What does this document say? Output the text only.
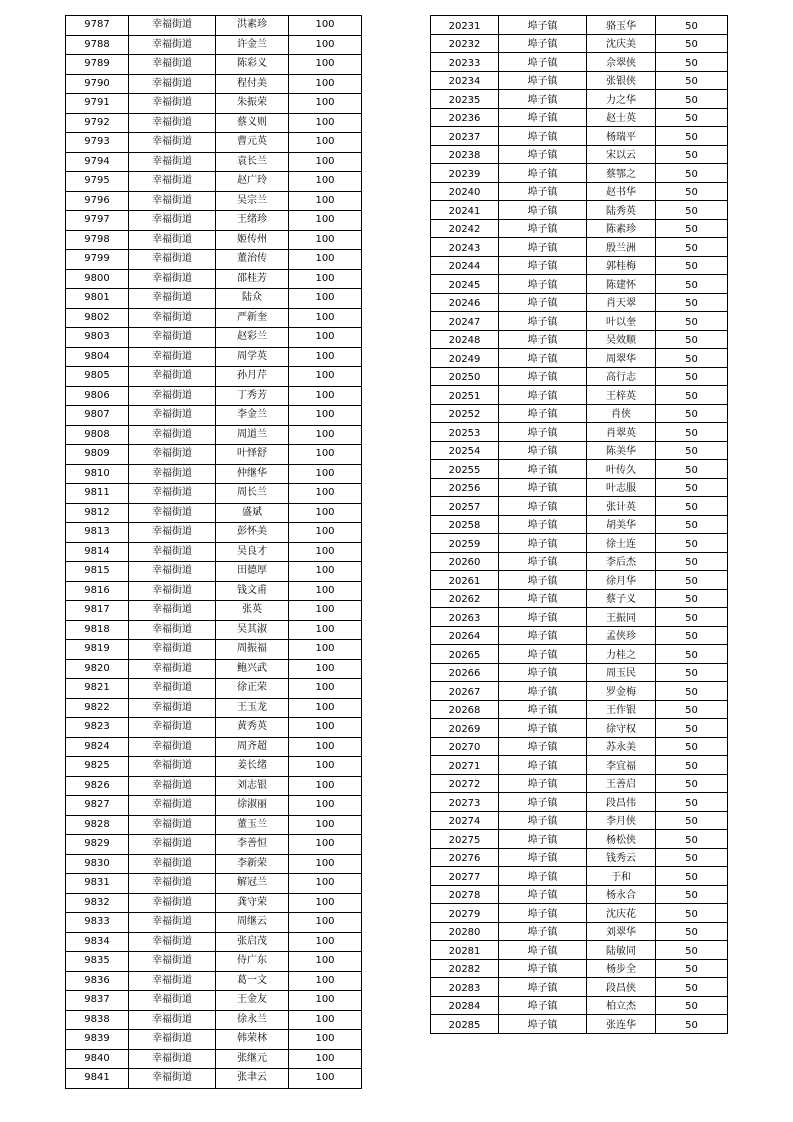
9787	幸福街道	洪素珍	100
9788	幸福街道	许金兰	100
9789	幸福街道	陈彩义	100
9790	幸福街道	程付美	100
9791	幸福街道	朱振荣	100
9792	幸福街道	蔡义则	100
9793	幸福街道	曹元英	100
9794	幸福街道	袁长兰	100
9795	幸福街道	赵广玲	100
9796	幸福街道	吴宗兰	100
9797	幸福街道	王绪珍	100
9798	幸福街道	姬传州	100
9799	幸福街道	董治传	100
9800	幸福街道	邵桂芳	100
9801	幸福街道	陆众	100
9802	幸福街道	严新奎	100
9803	幸福街道	赵彩兰	100
9804	幸福街道	周学英	100
9805	幸福街道	孙月芹	100
9806	幸福街道	丁秀芳	100
9807	幸福街道	李金兰	100
9808	幸福街道	周道兰	100
9809	幸福街道	叶怿舒	100
9810	幸福街道	仲继华	100
9811	幸福街道	周长兰	100
9812	幸福街道	盛斌	100
9813	幸福街道	彭怀美	100
9814	幸福街道	吴良才	100
9815	幸福街道	田德厚	100
9816	幸福街道	钱文甫	100
9817	幸福街道	张英	100
9818	幸福街道	吴其淑	100
9819	幸福街道	周振福	100
9820	幸福街道	鲍兴武	100
9821	幸福街道	徐正荣	100
9822	幸福街道	王玉龙	100
9823	幸福街道	黄秀英	100
9824	幸福街道	周齐超	100
9825	幸福街道	姜长绪	100
9826	幸福街道	刘志银	100
9827	幸福街道	徐淑丽	100
9828	幸福街道	董玉兰	100
9829	幸福街道	李善恒	100
9830	幸福街道	李新荣	100
9831	幸福街道	解冠兰	100
9832	幸福街道	龚守荣	100
9833	幸福街道	周继云	100
9834	幸福街道	张启茂	100
9835	幸福街道	侍广东	100
9836	幸福街道	葛一文	100
9837	幸福街道	王金友	100
9838	幸福街道	徐永兰	100
9839	幸福街道	韩荣林	100
9840	幸福街道	张继元	100
9841	幸福街道	张聿云	100
20231	埠子镇	骆玉华	50
20232	埠子镇	沈庆美	50
20233	埠子镇	佘翠侠	50
20234	埠子镇	张银侠	50
20235	埠子镇	力之华	50
20236	埠子镇	赵士英	50
20237	埠子镇	杨瑞平	50
20238	埠子镇	宋以云	50
20239	埠子镇	蔡鄂之	50
20240	埠子镇	赵书华	50
20241	埠子镇	陆秀英	50
20242	埠子镇	陈素珍	50
20243	埠子镇	殷兰洲	50
20244	埠子镇	郭桂梅	50
20245	埠子镇	陈建怀	50
20246	埠子镇	肖天翠	50
20247	埠子镇	叶以奎	50
20248	埠子镇	吴效顺	50
20249	埠子镇	周翠华	50
20250	埠子镇	高行志	50
20251	埠子镇	王梓英	50
20252	埠子镇	肖侠	50
20253	埠子镇	肖翠英	50
20254	埠子镇	陈美华	50
20255	埠子镇	叶传久	50
20256	埠子镇	叶志服	50
20257	埠子镇	张计英	50
20258	埠子镇	胡美华	50
20259	埠子镇	徐士连	50
20260	埠子镇	李后杰	50
20261	埠子镇	徐月华	50
20262	埠子镇	蔡子义	50
20263	埠子镇	王振同	50
20264	埠子镇	孟侠珍	50
20265	埠子镇	力桂之	50
20266	埠子镇	周玉民	50
20267	埠子镇	罗金梅	50
20268	埠子镇	王作银	50
20269	埠子镇	徐守权	50
20270	埠子镇	苏永美	50
20271	埠子镇	李宜福	50
20272	埠子镇	王善启	50
20273	埠子镇	段昌伟	50
20274	埠子镇	李月侠	50
20275	埠子镇	杨松侠	50
20276	埠子镇	钱秀云	50
20277	埠子镇	于和	50
20278	埠子镇	杨永合	50
20279	埠子镇	沈庆花	50
20280	埠子镇	刘翠华	50
20281	埠子镇	陆敏同	50
20282	埠子镇	杨步全	50
20283	埠子镇	段昌侠	50
20284	埠子镇	柏立杰	50
20285	埠子镇	张连华	50
